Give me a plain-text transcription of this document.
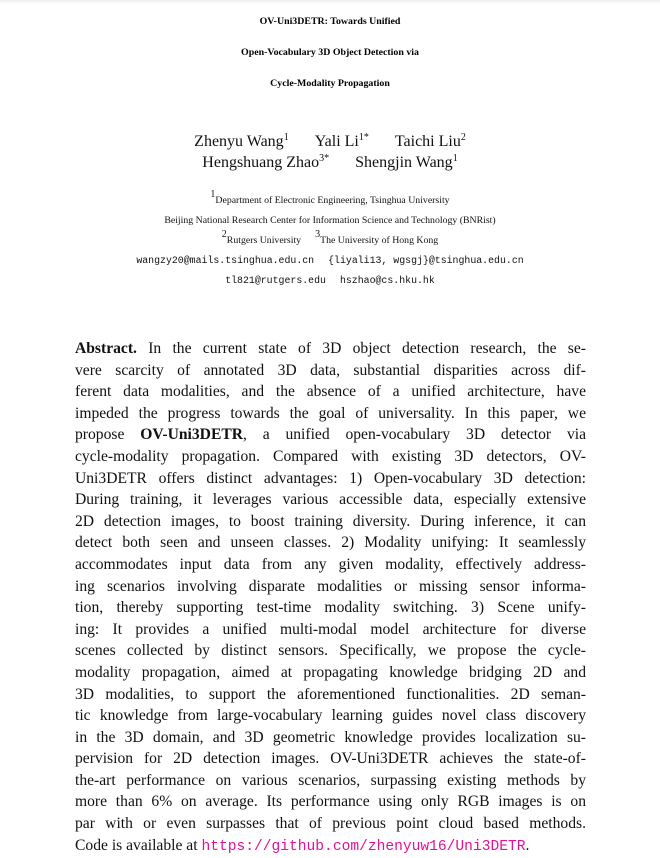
OV-Uni3DETR: Towards Unified
Open-Vocabulary 3D Object Detection via
Cycle-Modality Propagation
Zhenyu Wang$^1$ Yali $Li^{1*}$ Taichi Liu$^2$
Hengshuang Zhao$^{3*}$ Shengjin Wang$^1$
$^1$Department of Electronic Engineering, Tsinghua University
Beijing National Research Center for Information Science and Technology (BNRist)
$^2$Rutgers University$^3$The University of Hong Kong
wangzy20@mails.tsinghua.edu.cn {liyali13, wgsgj}@tsinghua.edu.cn
tl821@rutgers.edu hszhao@cs.hku.hk
Abstract. In the current state of 3D object detection research, the se-
vere scarcity of annotated 3D data, substantial disparities across dif-
ferent data modalities, and the absence of a unified architecture, have
impeded the progress towards the goal of universality. In this paper, we
propose OV-Uni3DETR, a unified open-vocabulary 3D detector via
cycle-modality propagation. Compared with existing 3D detectors, OV-
Uni3DETR offers distinct advantages: 1) Open-vocabulary 3D detection:
During training, it leverages various accessible data, especially extensive
2D detection images, to boost training diversity. During inference, it can
detect both seen and unseen classes. 2) Modality unifying: It seamlessly
accommodates input data from any given modality, effectively address-
ing scenarios involving disparate modalities or missing sensor informa-
tion, thereby supporting test-time modality switching. 3) Scene unify-
ing: It provides a unified multi-modal model architecture for diverse
scenes collected by distinct sensors. Specifically, we propose the cycle-
modality propagation, aimed at propagating knowledge bridging 2D and
3D modalities, to support the aforementioned functionalities. 2D seman-
tic knowledge from large-vocabulary learning guides novel class discovery
in the 3D domain, and 3D geometric knowledge provides localization su-
pervision for 2D detection images. OV-Uni3DETR achieves the state-of-
the-art performance on various scenarios, surpassing existing methods by
more than 6% on average. Its performance using only RGB images is on
par with or even surpasses that of previous point cloud based methods.
Code is available at https://github.com/zhenyuw16/Uni3DETR.
